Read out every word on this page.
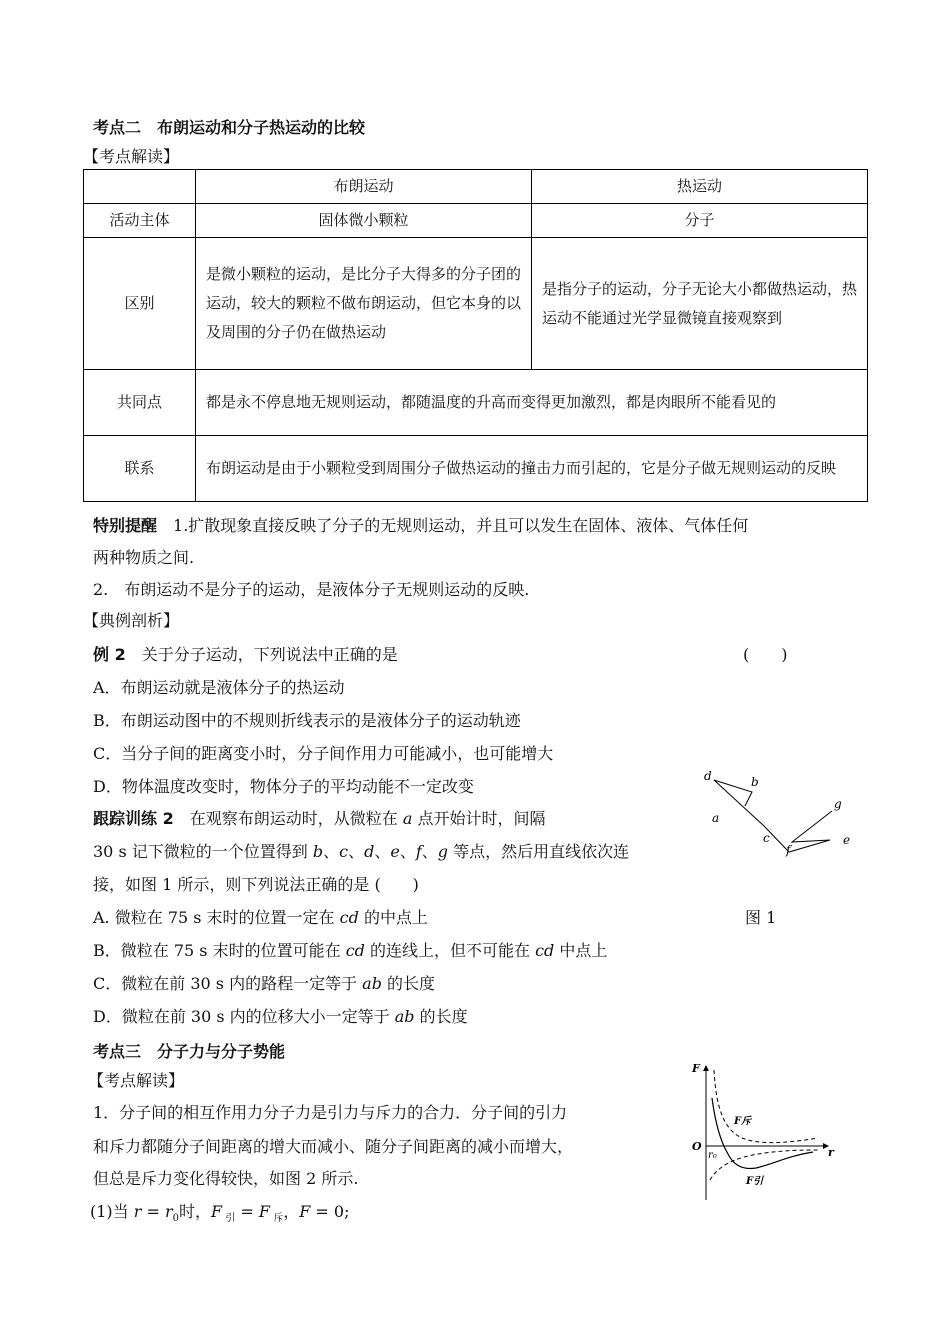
考点二　布朗运动和分子热运动的比较
【考点解读】
	布朗运动	热运动
活动主体	固体微小颗粒	分子
区别	是微小颗粒的运动，是比分子大得多的分子团的运动，较大的颗粒不做布朗运动，但它本身的以及周围的分子仍在做热运动	是指分子的运动，分子无论大小都做热运动，热运动不能通过光学显微镜直接观察到
共同点	都是永不停息地无规则运动，都随温度的升高而变得更加激烈，都是肉眼所不能看见的	
联系	布朗运动是由于小颗粒受到周围分子做热运动的撞击力而引起的，它是分子做无规则运动的反映	
特别提醒　1.扩散现象直接反映了分子的无规则运动，并且可以发生在固体、液体、气体任何
两种物质之间.
2.　布朗运动不是分子的运动，是液体分子无规则运动的反映.
【典例剖析】
例 2　关于分子运动，下列说法中正确的是	(　　)
A．布朗运动就是液体分子的热运动
B．布朗运动图中的不规则折线表示的是液体分子的运动轨迹
C．当分子间的距离变小时，分子间作用力可能减小，也可能增大
D．物体温度改变时，物体分子的平均动能不一定改变
a
b
c
d
e
f
g
图 1
跟踪训练 2　在观察布朗运动时，从微粒在 a 点开始计时，间隔
30 s 记下微粒的一个位置得到 b、c、d、e、f、g 等点，然后用直线依次连
接，如图 1 所示，则下列说法正确的是 (　　)
A. 微粒在 75 s 末时的位置一定在 cd 的中点上
B．微粒在 75 s 末时的位置可能在 cd 的连线上，但不可能在 cd 中点上
C．微粒在前 30 s 内的路程一定等于 ab 的长度
D．微粒在前 30 s 内的位移大小一定等于 ab 的长度
考点三　分子力与分子势能
【考点解读】
1．分子间的相互作用力分子力是引力与斥力的合力．分子间的引力
和斥力都随分子间距离的增大而减小、随分子间距离的减小而增大，
但总是斥力变化得较快，如图 2 所示.
(1)当 $r = r_0$时，F $_引$ = F $_斥$，F = 0;
F
O	r
r₀
F斥
F引
